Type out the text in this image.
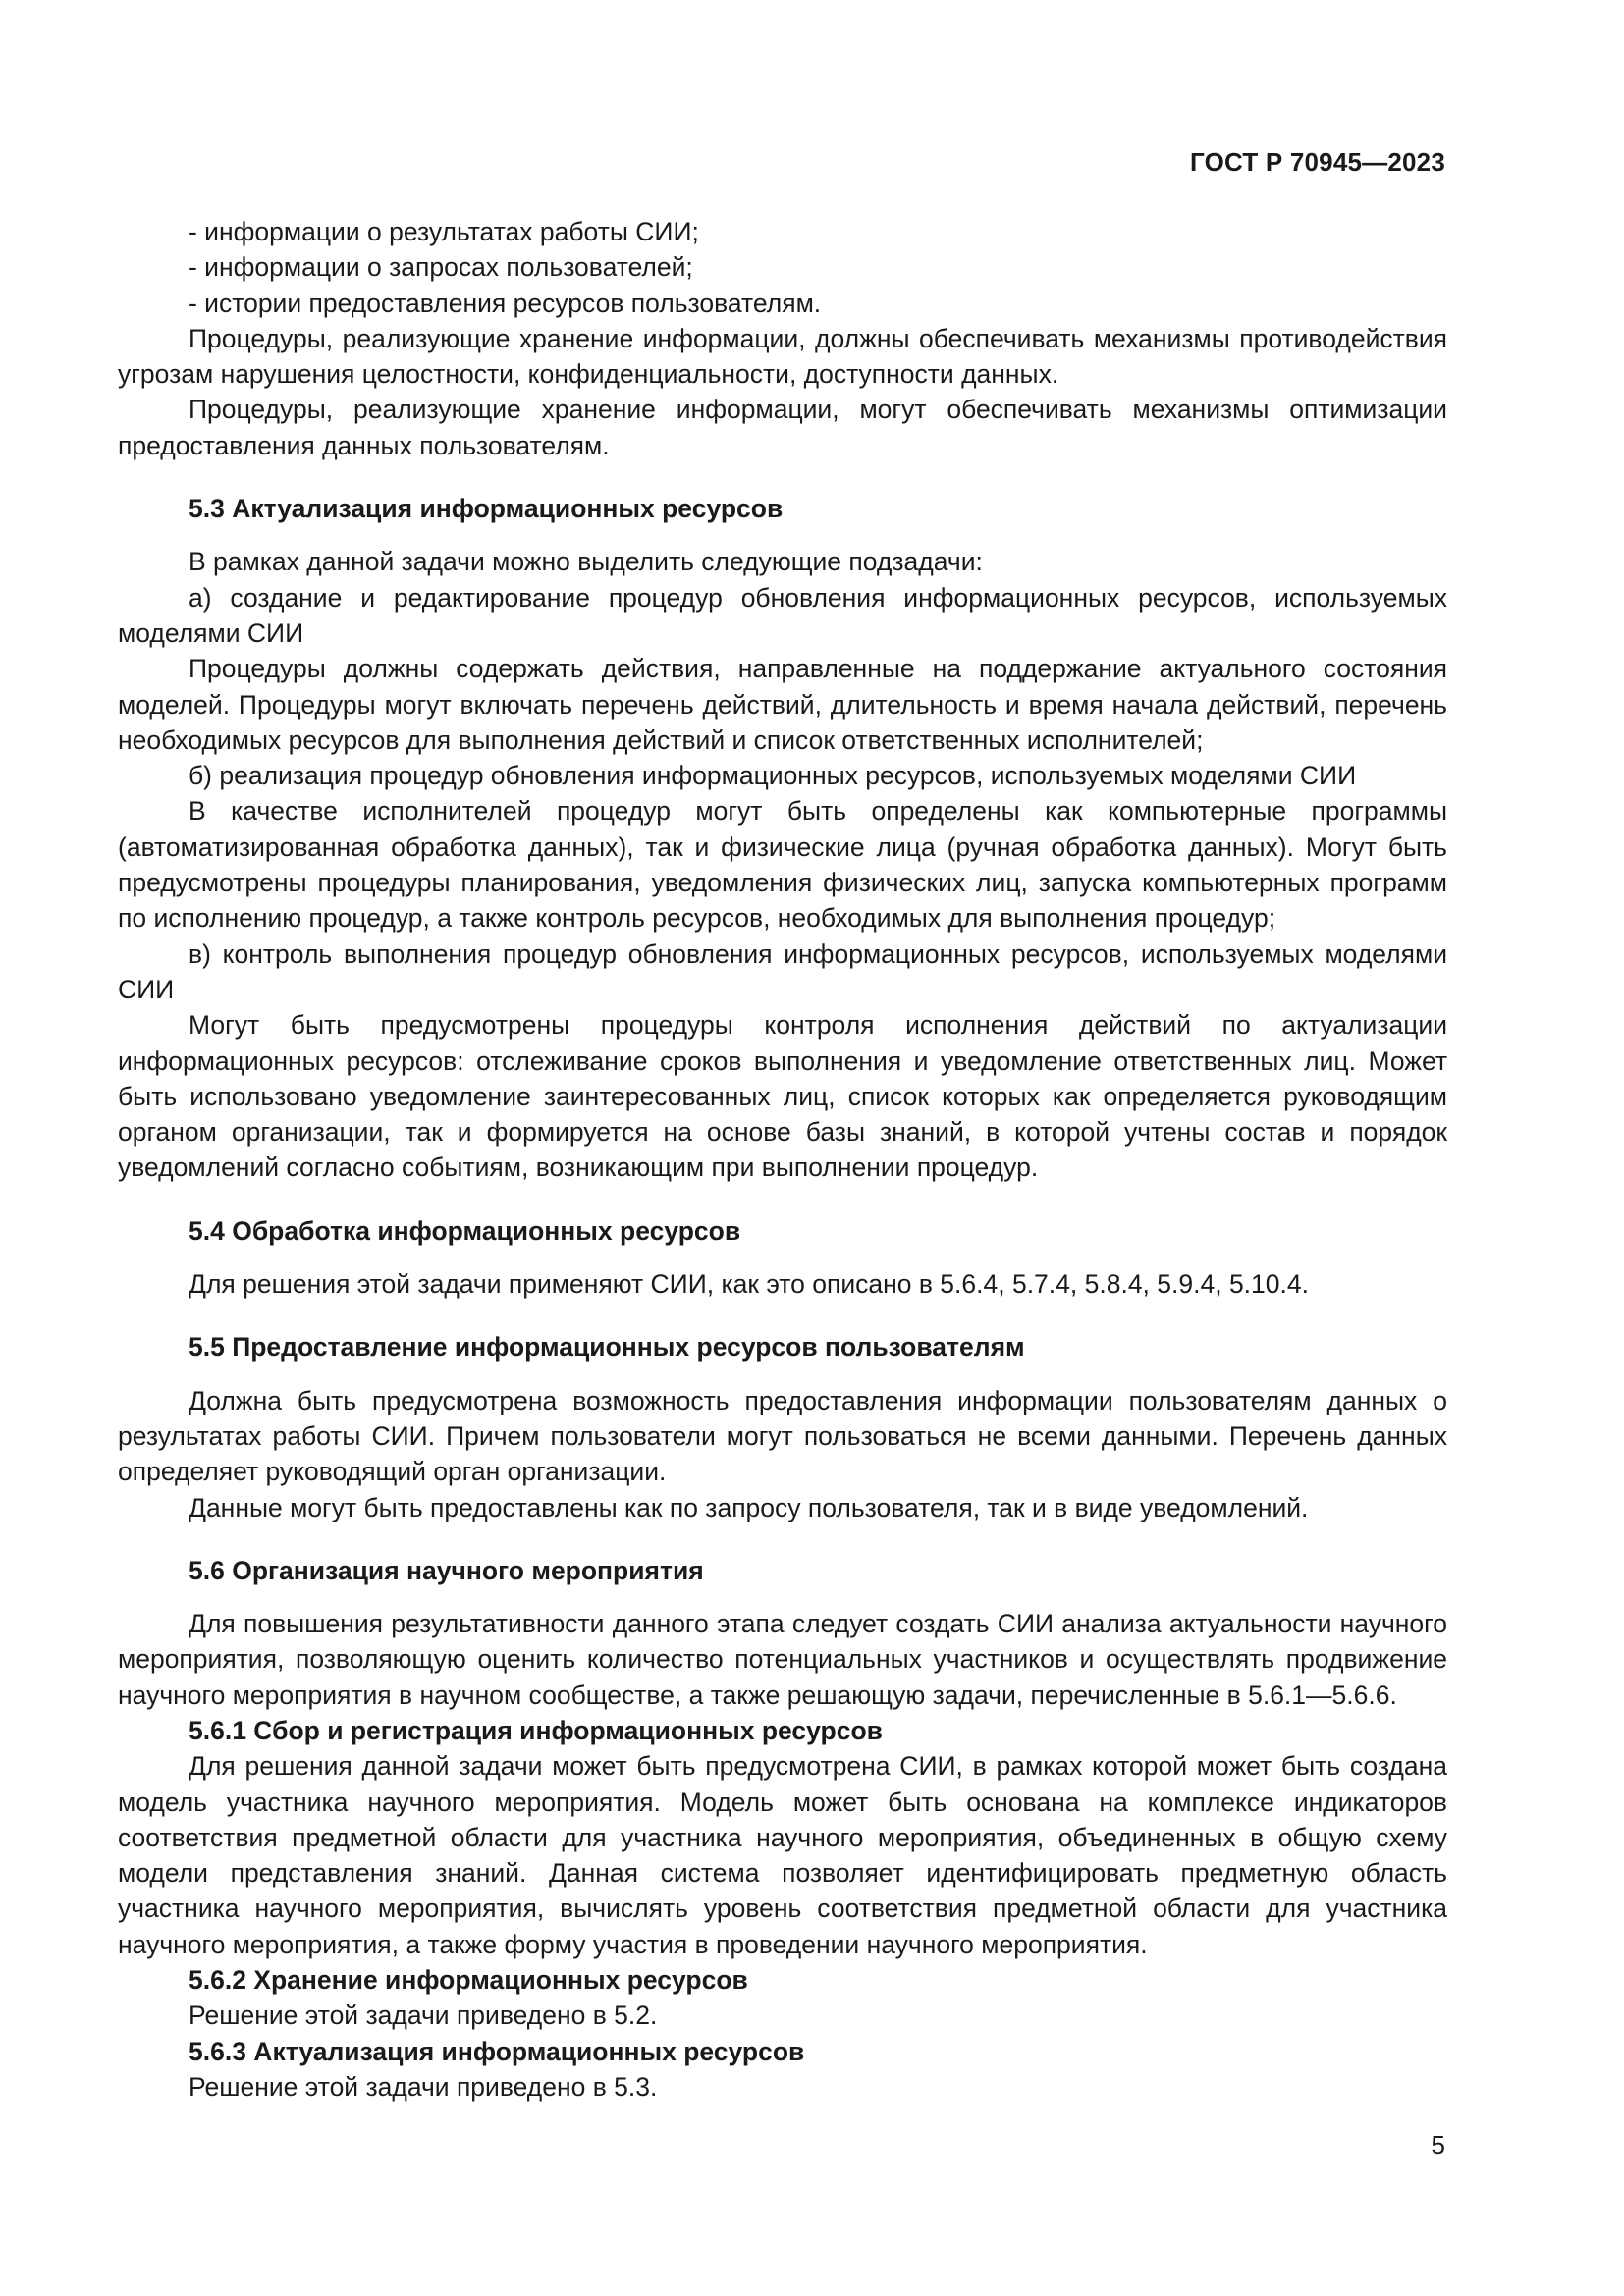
ГОСТ Р 70945—2023

- информации о результатах работы СИИ;

- информации о запросах пользователей;

- истории предоставления ресурсов пользователям.

Процедуры, реализующие хранение информации, должны обеспечивать механизмы противодействия угрозам нарушения целостности, конфиденциальности, доступности данных.

Процедуры, реализующие хранение информации, могут обеспечивать механизмы оптимизации предоставления данных пользователям.

5.3 Актуализация информационных ресурсов

В рамках данной задачи можно выделить следующие подзадачи:

а) создание и редактирование процедур обновления информационных ресурсов, используемых моделями СИИ

Процедуры должны содержать действия, направленные на поддержание актуального состояния моделей. Процедуры могут включать перечень действий, длительность и время начала действий, перечень необходимых ресурсов для выполнения действий и список ответственных исполнителей;

б) реализация процедур обновления информационных ресурсов, используемых моделями СИИ

В качестве исполнителей процедур могут быть определены как компьютерные программы (автоматизированная обработка данных), так и физические лица (ручная обработка данных). Могут быть предусмотрены процедуры планирования, уведомления физических лиц, запуска компьютерных программ по исполнению процедур, а также контроль ресурсов, необходимых для выполнения процедур;

в) контроль выполнения процедур обновления информационных ресурсов, используемых моделями СИИ

Могут быть предусмотрены процедуры контроля исполнения действий по актуализации информационных ресурсов: отслеживание сроков выполнения и уведомление ответственных лиц. Может быть использовано уведомление заинтересованных лиц, список которых как определяется руководящим органом организации, так и формируется на основе базы знаний, в которой учтены состав и порядок уведомлений согласно событиям, возникающим при выполнении процедур.

5.4 Обработка информационных ресурсов

Для решения этой задачи применяют СИИ, как это описано в 5.6.4, 5.7.4, 5.8.4, 5.9.4, 5.10.4.

5.5 Предоставление информационных ресурсов пользователям

Должна быть предусмотрена возможность предоставления информации пользователям данных о результатах работы СИИ. Причем пользователи могут пользоваться не всеми данными. Перечень данных определяет руководящий орган организации.

Данные могут быть предоставлены как по запросу пользователя, так и в виде уведомлений.

5.6 Организация научного мероприятия

Для повышения результативности данного этапа следует создать СИИ анализа актуальности научного мероприятия, позволяющую оценить количество потенциальных участников и осуществлять продвижение научного мероприятия в научном сообществе, а также решающую задачи, перечисленные в 5.6.1—5.6.6.

5.6.1 Сбор и регистрация информационных ресурсов

Для решения данной задачи может быть предусмотрена СИИ, в рамках которой может быть создана модель участника научного мероприятия. Модель может быть основана на комплексе индикаторов соответствия предметной области для участника научного мероприятия, объединенных в общую схему модели представления знаний. Данная система позволяет идентифицировать предметную область участника научного мероприятия, вычислять уровень соответствия предметной области для участника научного мероприятия, а также форму участия в проведении научного мероприятия.

5.6.2 Хранение информационных ресурсов

Решение этой задачи приведено в 5.2.

5.6.3 Актуализация информационных ресурсов

Решение этой задачи приведено в 5.3.

5
